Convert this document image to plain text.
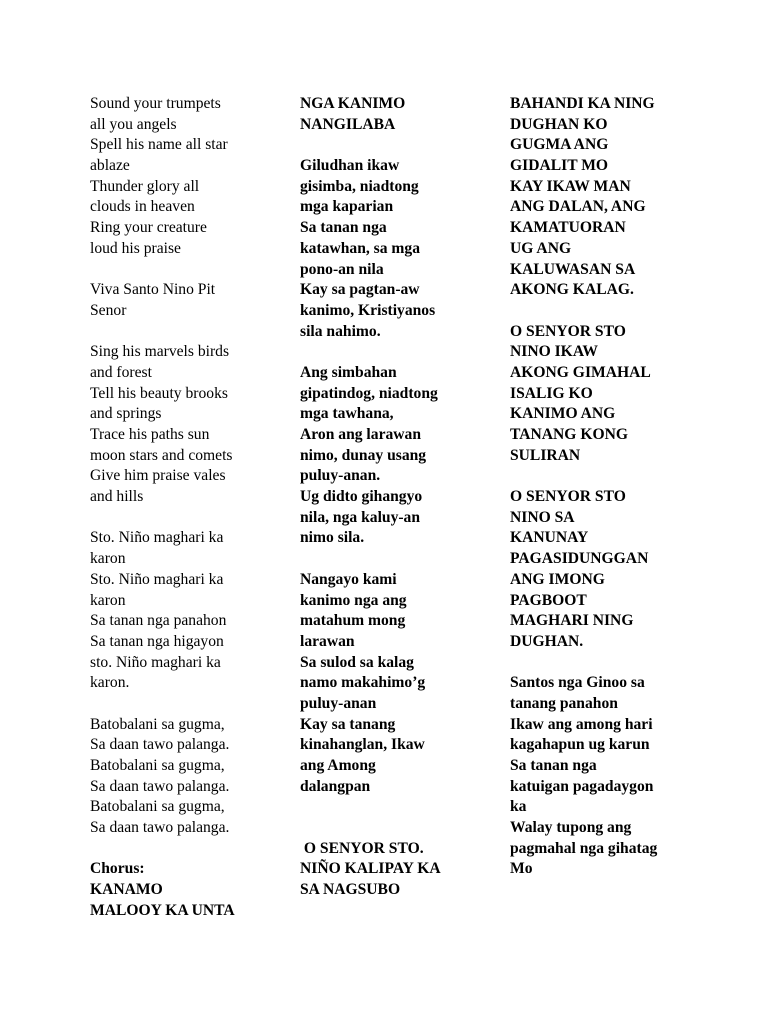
Sound your trumpets
all you angels
Spell his name all star
ablaze
Thunder glory all
clouds in heaven
Ring your creature
loud his praise
Viva Santo Nino Pit
Senor
Sing his marvels birds
and forest
Tell his beauty brooks
and springs
Trace his paths sun
moon stars and comets
Give him praise vales
and hills
Sto. Niño maghari ka
karon
Sto. Niño maghari ka
karon
Sa tanan nga panahon
Sa tanan nga higayon
sto. Niño maghari ka
karon.
Batobalani sa gugma,
Sa daan tawo palanga.
Batobalani sa gugma,
Sa daan tawo palanga.
Batobalani sa gugma,
Sa daan tawo palanga.
Chorus:
KANAMO
MALOOY KA UNTA
NGA KANIMO
NANGILABA
Giludhan ikaw
gisimba, niadtong
mga kaparian
Sa tanan nga
katawhan, sa mga
pono-an nila
Kay sa pagtan-aw
kanimo, Kristiyanos
sila nahimo.
Ang simbahan
gipatindog, niadtong
mga tawhana,
Aron ang larawan
nimo, dunay usang
puluy-anan.
Ug didto gihangyo
nila, nga kaluy-an
nimo sila.
Nangayo kami
kanimo nga ang
matahum mong
larawan
Sa sulod sa kalag
namo makahimo’g
puluy-anan
Kay sa tanang
kinahanglan, Ikaw
ang Among
dalangpan
O SENYOR STO.
NIÑO KALIPAY KA
SA NAGSUBO
BAHANDI KA NING
DUGHAN KO
GUGMA ANG
GIDALIT MO
KAY IKAW MAN
ANG DALAN, ANG
KAMATUORAN
UG ANG
KALUWASAN SA
AKONG KALAG.
O SENYOR STO
NINO IKAW
AKONG GIMAHAL
ISALIG KO
KANIMO ANG
TANANG KONG
SULIRAN
O SENYOR STO
NINO SA
KANUNAY
PAGASIDUNGGAN
ANG IMONG
PAGBOOT
MAGHARI NING
DUGHAN.
Santos nga Ginoo sa
tanang panahon
Ikaw ang among hari
kagahapun ug karun
Sa tanan nga
katuigan pagadaygon
ka
Walay tupong ang
pagmahal nga gihatag
Mo
